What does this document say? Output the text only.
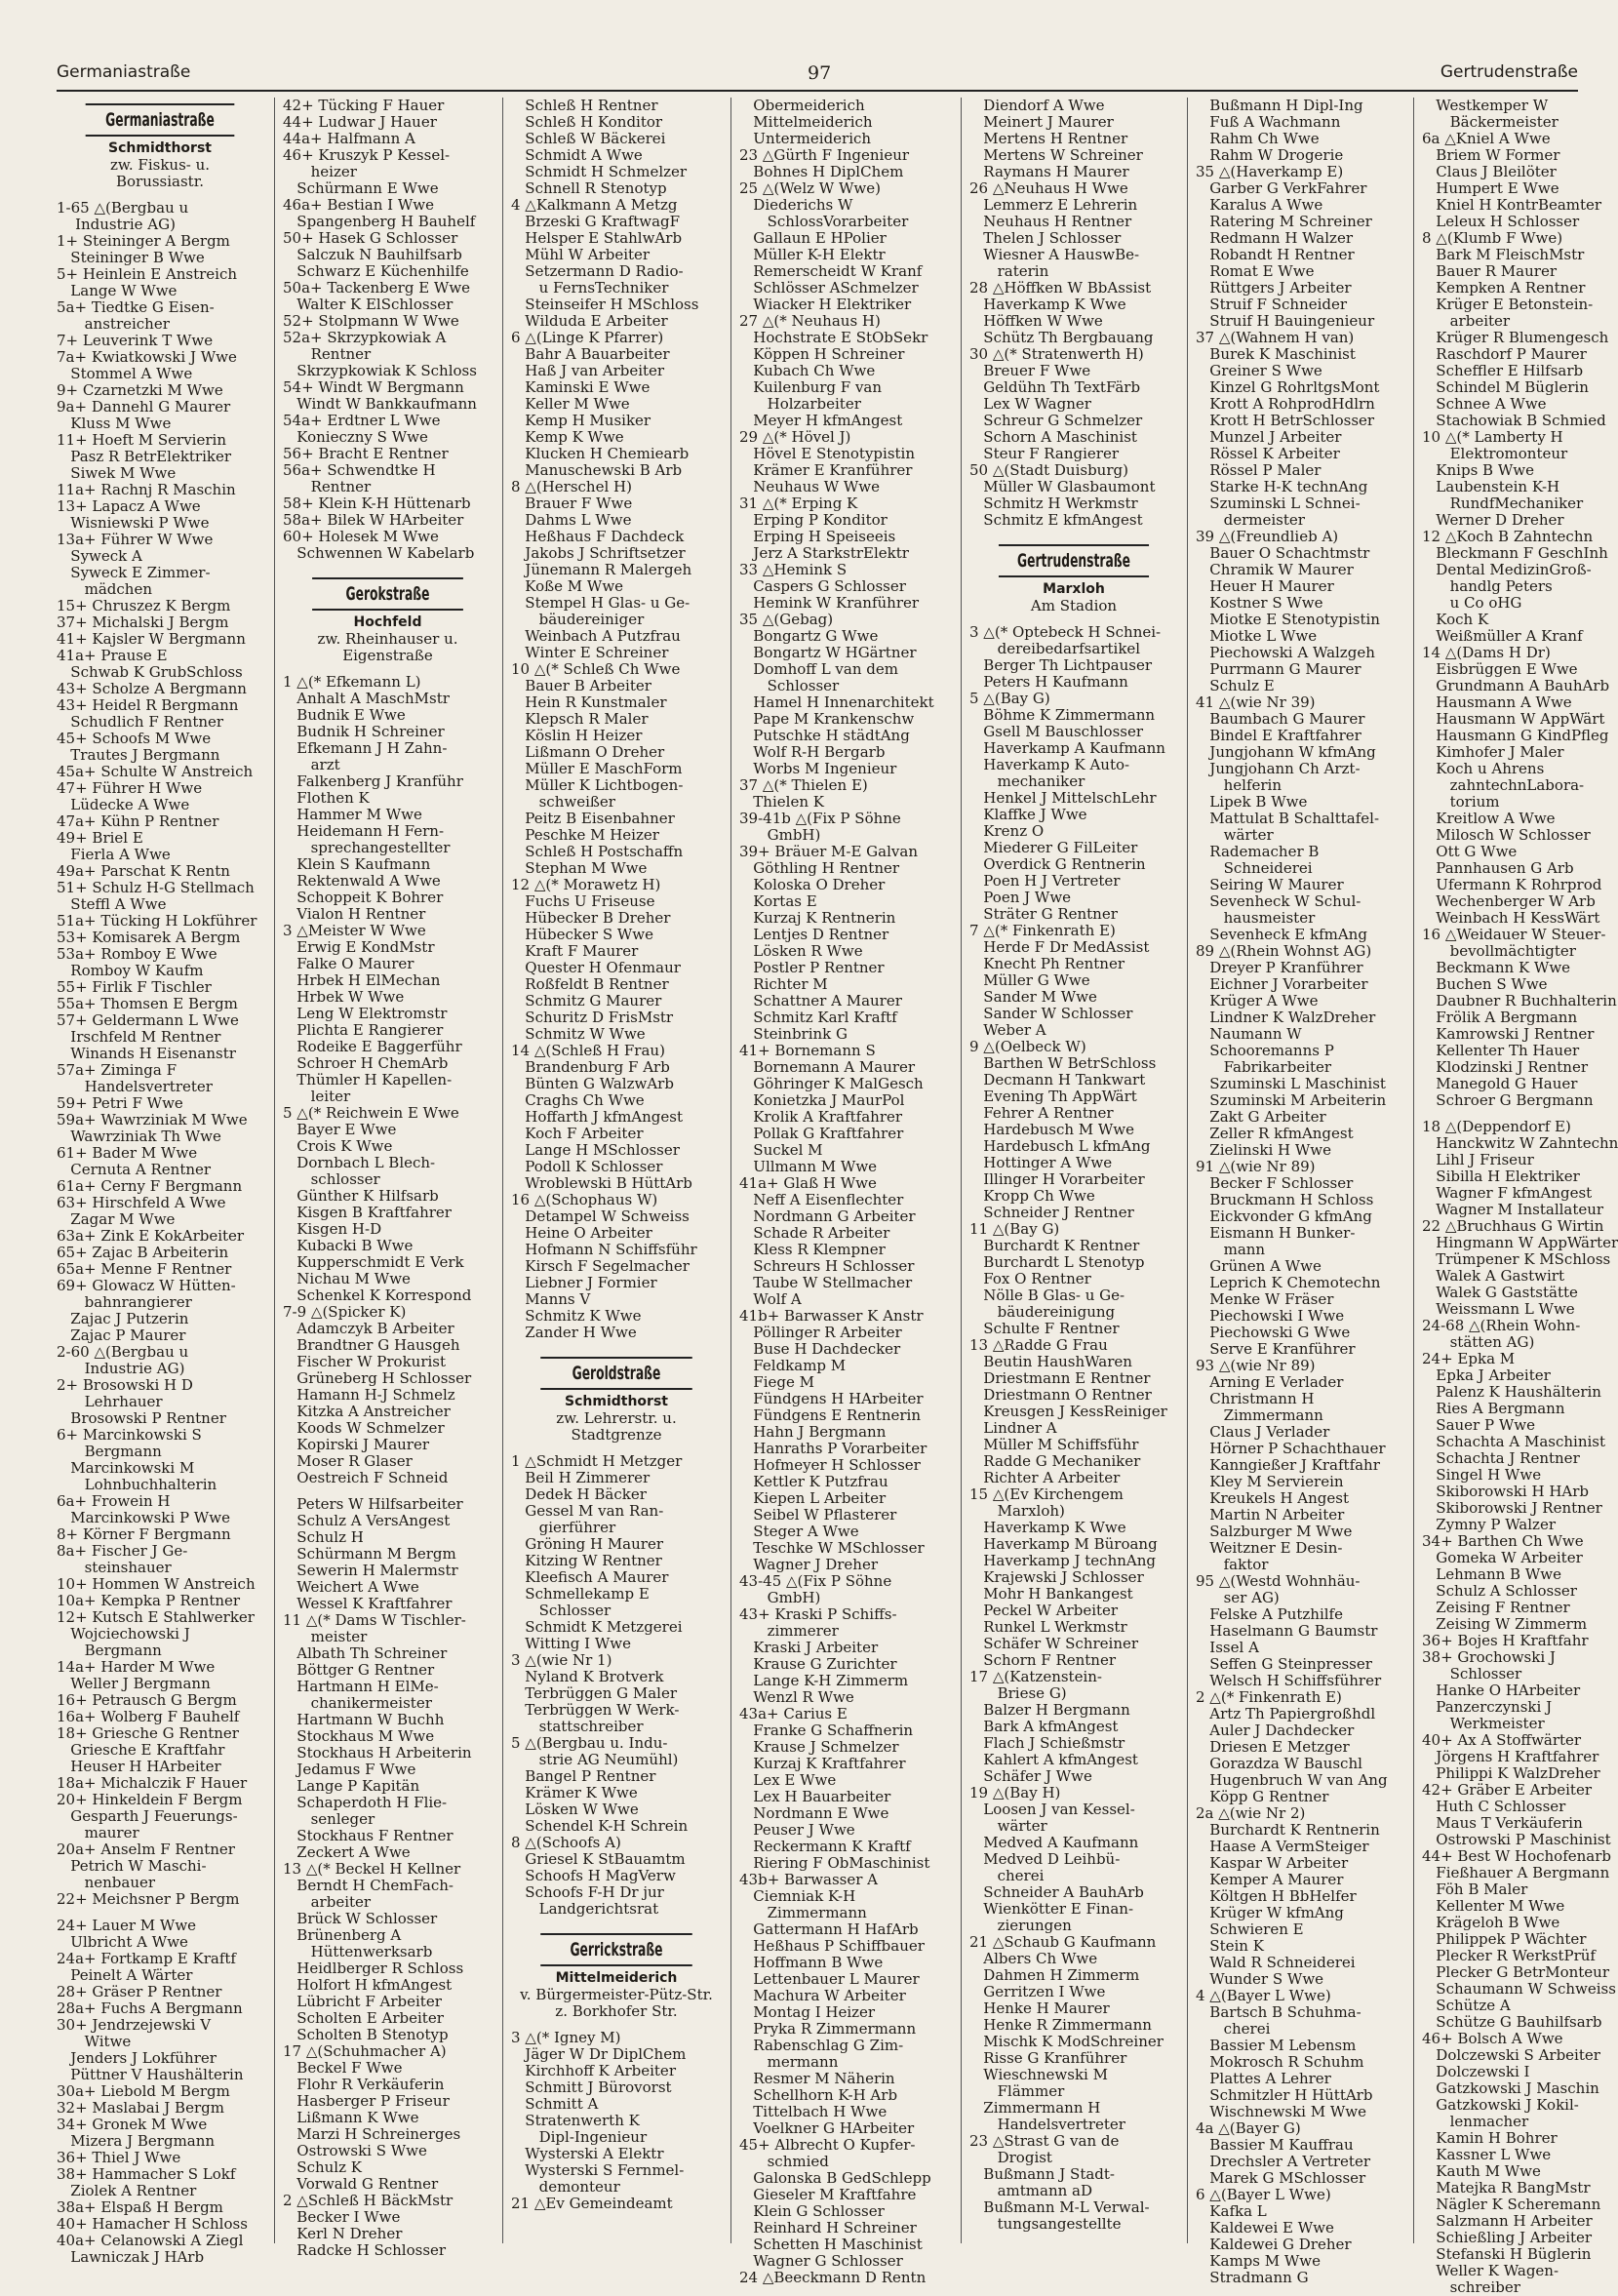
Germaniastraße	97	Gertrudenstraße
Germaniastraße
Schmidthorst
zw. Fiskus- u.
Borussiastr.
1-65 △(Bergbau u
Industrie AG)
1+ Steininger A Bergm
Steininger B Wwe
5+ Heinlein E Anstreich
Lange W Wwe
5a+ Tiedtke G Eisen-
anstreicher
7+ Leuverink T Wwe
7a+ Kwiatkowski J Wwe
Stommel A Wwe
9+ Czarnetzki M Wwe
9a+ Dannehl G Maurer
Kluss M Wwe
11+ Hoeft M Servierin
Pasz R BetrElektriker
Siwek M Wwe
11a+ Rachnj R Maschin
13+ Lapacz A Wwe
Wisniewski P Wwe
13a+ Führer W Wwe
Syweck A
Syweck E Zimmer-
mädchen
15+ Chruszez K Bergm
37+ Michalski J Bergm
41+ Kajsler W Bergmann
41a+ Prause E
Schwab K GrubSchloss
43+ Scholze A Bergmann
43+ Heidel R Bergmann
Schudlich F Rentner
45+ Schoofs M Wwe
Trautes J Bergmann
45a+ Schulte W Anstreich
47+ Führer H Wwe
Lüdecke A Wwe
47a+ Kühn P Rentner
49+ Briel E
Fierla A Wwe
49a+ Parschat K Rentn
51+ Schulz H-G Stellmach
Steffl A Wwe
51a+ Tücking H Lokführer
53+ Komisarek A Bergm
53a+ Romboy E Wwe
Romboy W Kaufm
55+ Firlik F Tischler
55a+ Thomsen E Bergm
57+ Geldermann L Wwe
Irschfeld M Rentner
Winands H Eisenanstr
57a+ Ziminga F
Handelsvertreter
59+ Petri F Wwe
59a+ Wawrziniak M Wwe
Wawrziniak Th Wwe
61+ Bader M Wwe
Cernuta A Rentner
61a+ Cerny F Bergmann
63+ Hirschfeld A Wwe
Zagar M Wwe
63a+ Zink E KokArbeiter
65+ Zajac B Arbeiterin
65a+ Menne F Rentner
69+ Glowacz W Hütten-
bahnrangierer
Zajac J Putzerin
Zajac P Maurer
2-60 △(Bergbau u
Industrie AG)
2+ Brosowski H D
Lehrhauer
Brosowski P Rentner
6+ Marcinkowski S
Bergmann
Marcinkowski M
Lohnbuchhalterin
6a+ Frowein H
Marcinkowski P Wwe
8+ Körner F Bergmann
8a+ Fischer J Ge-
steinshauer
10+ Hommen W Anstreich
10a+ Kempka P Rentner
12+ Kutsch E Stahlwerker
Wojciechowski J
Bergmann
14a+ Harder M Wwe
Weller J Bergmann
16+ Petrausch G Bergm
16a+ Wolberg F Bauhelf
18+ Griesche G Rentner
Griesche E Kraftfahr
Heuser H HArbeiter
18a+ Michalczik F Hauer
20+ Hinkeldein F Bergm
Gesparth J Feuerungs-
maurer
20a+ Anselm F Rentner
Petrich W Maschi-
nenbauer
22+ Meichsner P Bergm
24+ Lauer M Wwe
Ulbricht A Wwe
24a+ Fortkamp E Kraftf
Peinelt A Wärter
28+ Gräser P Rentner
28a+ Fuchs A Bergmann
30+ Jendrzejewski V
Witwe
Jenders J Lokführer
Püttner V Haushälterin
30a+ Liebold M Bergm
32+ Maslabai J Bergm
34+ Gronek M Wwe
Mizera J Bergmann
36+ Thiel J Wwe
38+ Hammacher S Lokf
Ziolek A Rentner
38a+ Elspaß H Bergm
40+ Hamacher H Schloss
40a+ Celanowski A Ziegl
Lawniczak J HArb
42+ Tücking F Hauer
44+ Ludwar J Hauer
44a+ Halfmann A
46+ Kruszyk P Kessel-
heizer
Schürmann E Wwe
46a+ Bestian I Wwe
Spangenberg H Bauhelf
50+ Hasek G Schlosser
Salczuk N Bauhilfsarb
Schwarz E Küchenhilfe
50a+ Tackenberg E Wwe
Walter K ElSchlosser
52+ Stolpmann W Wwe
52a+ Skrzypkowiak A
Rentner
Skrzypkowiak K Schloss
54+ Windt W Bergmann
Windt W Bankkaufmann
54a+ Erdtner L Wwe
Konieczny S Wwe
56+ Bracht E Rentner
56a+ Schwendtke H
Rentner
58+ Klein K-H Hüttenarb
58a+ Bilek W HArbeiter
60+ Holesek M Wwe
Schwennen W Kabelarb
Gerokstraße
Hochfeld
zw. Rheinhauser u.
Eigenstraße
1 △(* Efkemann L)
Anhalt A MaschMstr
Budnik E Wwe
Budnik H Schreiner
Efkemann J H Zahn-
arzt
Falkenberg J Kranführ
Flothen K
Hammer M Wwe
Heidemann H Fern-
sprechangestellter
Klein S Kaufmann
Rektenwald A Wwe
Schoppeit K Bohrer
Vialon H Rentner
3 △Meister W Wwe
Erwig E KondMstr
Falke O Maurer
Hrbek H ElMechan
Hrbek W Wwe
Leng W Elektromstr
Plichta E Rangierer
Rodeike E Baggerführ
Schroer H ChemArb
Thümler H Kapellen-
leiter
5 △(* Reichwein E Wwe
Bayer E Wwe
Crois K Wwe
Dornbach L Blech-
schlosser
Günther K Hilfsarb
Kisgen B Kraftfahrer
Kisgen H-D
Kubacki B Wwe
Kupperschmidt E Verk
Nichau M Wwe
Schenkel K Korrespond
7-9 △(Spicker K)
Adamczyk B Arbeiter
Brandtner G Hausgeh
Fischer W Prokurist
Grüneberg H Schlosser
Hamann H-J Schmelz
Kitzka A Anstreicher
Koods W Schmelzer
Kopirski J Maurer
Moser R Glaser
Oestreich F Schneid
Peters W Hilfsarbeiter
Schulz A VersAngest
Schulz H
Schürmann M Bergm
Sewerin H Malermstr
Weichert A Wwe
Wessel K Kraftfahrer
11 △(* Dams W Tischler-
meister
Albath Th Schreiner
Böttger G Rentner
Hartmann H ElMe-
chanikermeister
Hartmann W Buchh
Stockhaus M Wwe
Stockhaus H Arbeiterin
Jedamus F Wwe
Lange P Kapitän
Schaperdoth H Flie-
senleger
Stockhaus F Rentner
Zeckert A Wwe
13 △(* Beckel H Kellner
Berndt H ChemFach-
arbeiter
Brück W Schlosser
Brünenberg A
Hüttenwerksarb
Heidlberger R Schloss
Holfort H kfmAngest
Lübricht F Arbeiter
Scholten E Arbeiter
Scholten B Stenotyp
17 △(Schuhmacher A)
Beckel F Wwe
Flohr R Verkäuferin
Hasberger P Friseur
Lißmann K Wwe
Marzi H Schreinerges
Ostrowski S Wwe
Schulz K
Vorwald G Rentner
2 △Schleß H BäckMstr
Becker I Wwe
Kerl N Dreher
Radcke H Schlosser
Schleß H Rentner
Schleß H Konditor
Schleß W Bäckerei
Schmidt A Wwe
Schmidt H Schmelzer
Schnell R Stenotyp
4 △Kalkmann A Metzg
Brzeski G KraftwagF
Helsper E StahlwArb
Mühl W Arbeiter
Setzermann D Radio-
u FernsTechniker
Steinseifer H MSchloss
Wilduda E Arbeiter
6 △(Linge K Pfarrer)
Bahr A Bauarbeiter
Haß J van Arbeiter
Kaminski E Wwe
Keller M Wwe
Kemp H Musiker
Kemp K Wwe
Klucken H Chemiearb
Manuschewski B Arb
8 △(Herschel H)
Brauer F Wwe
Dahms L Wwe
Heßhaus F Dachdeck
Jakobs J Schriftsetzer
Jünemann R Malergeh
Koße M Wwe
Stempel H Glas- u Ge-
bäudereiniger
Weinbach A Putzfrau
Winter E Schreiner
10 △(* Schleß Ch Wwe
Bauer B Arbeiter
Hein R Kunstmaler
Klepsch R Maler
Köslin H Heizer
Lißmann O Dreher
Müller E MaschForm
Müller K Lichtbogen-
schweißer
Peitz B Eisenbahner
Peschke M Heizer
Schleß H Postschaffn
Stephan M Wwe
12 △(* Morawetz H)
Fuchs U Friseuse
Hübecker B Dreher
Hübecker S Wwe
Kraft F Maurer
Quester H Ofenmaur
Roßfeldt B Rentner
Schmitz G Maurer
Schuritz D FrisMstr
Schmitz W Wwe
14 △(Schleß H Frau)
Brandenburg F Arb
Bünten G WalzwArb
Craghs Ch Wwe
Hoffarth J kfmAngest
Koch F Arbeiter
Lange H MSchlosser
Podoll K Schlosser
Wroblewski B HüttArb
16 △(Schophaus W)
Detampel W Schweiss
Heine O Arbeiter
Hofmann N Schiffsführ
Kirsch F Segelmacher
Liebner J Formier
Manns V
Schmitz K Wwe
Zander H Wwe
Geroldstraße
Schmidthorst
zw. Lehrerstr. u.
Stadtgrenze
1 △Schmidt H Metzger
Beil H Zimmerer
Dedek H Bäcker
Gessel M van Ran-
gierführer
Gröning H Maurer
Kitzing W Rentner
Kleefisch A Maurer
Schmellekamp E
Schlosser
Schmidt K Metzgerei
Witting I Wwe
3 △(wie Nr 1)
Nyland K Brotverk
Terbrüggen G Maler
Terbrüggen W Werk-
stattschreiber
5 △(Bergbau u. Indu-
strie AG Neumühl)
Bangel P Rentner
Krämer K Wwe
Lösken W Wwe
Schendel K-H Schrein
8 △(Schoofs A)
Griesel K StBauamtm
Schoofs H MagVerw
Schoofs F-H Dr jur
Landgerichtsrat
Gerrickstraße
Mittelmeiderich
v. Bürgermeister-Pütz-Str.
z. Borkhofer Str.
3 △(* Igney M)
Jäger W Dr DiplChem
Kirchhoff K Arbeiter
Schmitt J Bürovorst
Schmitt A
Stratenwerth K
Dipl-Ingenieur
Wysterski A Elektr
Wysterski S Fernmel-
demonteur
21 △Ev Gemeindeamt
Obermeiderich
Mittelmeiderich
Untermeiderich
23 △Gürth F Ingenieur
Bohnes H DiplChem
25 △(Welz W Wwe)
Diederichs W
SchlossVorarbeiter
Gallaun E HPolier
Müller K-H Elektr
Remerscheidt W Kranf
Schlösser ASchmelzer
Wiacker H Elektriker
27 △(* Neuhaus H)
Hochstrate E StObSekr
Köppen H Schreiner
Kubach Ch Wwe
Kuilenburg F van
Holzarbeiter
Meyer H kfmAngest
29 △(* Hövel J)
Hövel E Stenotypistin
Krämer E Kranführer
Neuhaus W Wwe
31 △(* Erping K
Erping P Konditor
Erping H Speiseeis
Jerz A StarkstrElektr
33 △Hemink S
Caspers G Schlosser
Hemink W Kranführer
35 △(Gebag)
Bongartz G Wwe
Bongartz W HGärtner
Domhoff L van dem
Schlosser
Hamel H Innenarchitekt
Pape M Krankenschw
Putschke H städtAng
Wolf R-H Bergarb
Worbs M Ingenieur
37 △(* Thielen E)
Thielen K
39-41b △(Fix P Söhne
GmbH)
39+ Bräuer M-E Galvan
Göthling H Rentner
Koloska O Dreher
Kortas E
Kurzaj K Rentnerin
Lentjes D Rentner
Lösken R Wwe
Postler P Rentner
Richter M
Schattner A Maurer
Schmitz Karl Kraftf
Steinbrink G
41+ Bornemann S
Bornemann A Maurer
Göhringer K MalGesch
Konietzka J MaurPol
Krolik A Kraftfahrer
Pollak G Kraftfahrer
Suckel M
Ullmann M Wwe
41a+ Glaß H Wwe
Neff A Eisenflechter
Nordmann G Arbeiter
Schade R Arbeiter
Kless R Klempner
Schreurs H Schlosser
Taube W Stellmacher
Wolf A
41b+ Barwasser K Anstr
Pöllinger R Arbeiter
Buse H Dachdecker
Feldkamp M
Fiege M
Fündgens H HArbeiter
Fündgens E Rentnerin
Hahn J Bergmann
Hanraths P Vorarbeiter
Hofmeyer H Schlosser
Kettler K Putzfrau
Kiepen L Arbeiter
Seibel W Pflasterer
Steger A Wwe
Teschke W MSchlosser
Wagner J Dreher
43-45 △(Fix P Söhne
GmbH)
43+ Kraski P Schiffs-
zimmerer
Kraski J Arbeiter
Krause G Zurichter
Lange K-H Zimmerm
Wenzl R Wwe
43a+ Carius E
Franke G Schaffnerin
Krause J Schmelzer
Kurzaj K Kraftfahrer
Lex E Wwe
Lex H Bauarbeiter
Nordmann E Wwe
Peuser J Wwe
Reckermann K Kraftf
Riering F ObMaschinist
43b+ Barwasser A
Ciemniak K-H
Zimmermann
Gattermann H HafArb
Heßhaus P Schiffbauer
Hoffmann B Wwe
Lettenbauer L Maurer
Machura W Arbeiter
Montag I Heizer
Pryka R Zimmermann
Rabenschlag G Zim-
mermann
Resmer M Näherin
Schellhorn K-H Arb
Tittelbach H Wwe
Voelkner G HArbeiter
45+ Albrecht O Kupfer-
schmied
Galonska B GedSchlepp
Gieseler M Kraftfahre
Klein G Schlosser
Reinhard H Schreiner
Schetten H Maschinist
Wagner G Schlosser
24 △Beeckmann D Rentn
Diendorf A Wwe
Meinert J Maurer
Mertens H Rentner
Mertens W Schreiner
Raymans H Maurer
26 △Neuhaus H Wwe
Lemmerz E Lehrerin
Neuhaus H Rentner
Thelen J Schlosser
Wiesner A HauswBe-
raterin
28 △Höffken W BbAssist
Haverkamp K Wwe
Höffken W Wwe
Schütz Th Bergbauang
30 △(* Stratenwerth H)
Breuer F Wwe
Geldühn Th TextFärb
Lex W Wagner
Schreur G Schmelzer
Schorn A Maschinist
Steur F Rangierer
50 △(Stadt Duisburg)
Müller W Glasbaumont
Schmitz H Werkmstr
Schmitz E kfmAngest
Gertrudenstraße
Marxloh
Am Stadion
3 △(* Optebeck H Schnei-
dereibedarfsartikel
Berger Th Lichtpauser
Peters H Kaufmann
5 △(Bay G)
Böhme K Zimmermann
Gsell M Bauschlosser
Haverkamp A Kaufmann
Haverkamp K Auto-
mechaniker
Henkel J MittelschLehr
Klaffke J Wwe
Krenz O
Miederer G FilLeiter
Overdick G Rentnerin
Poen H J Vertreter
Poen J Wwe
Sträter G Rentner
7 △(* Finkenrath E)
Herde F Dr MedAssist
Knecht Ph Rentner
Müller G Wwe
Sander M Wwe
Sander W Schlosser
Weber A
9 △(Oelbeck W)
Barthen W BetrSchloss
Decmann H Tankwart
Evening Th AppWärt
Fehrer A Rentner
Hardebusch M Wwe
Hardebusch L kfmAng
Hottinger A Wwe
Illinger H Vorarbeiter
Kropp Ch Wwe
Schneider J Rentner
11 △(Bay G)
Burchardt K Rentner
Burchardt L Stenotyp
Fox O Rentner
Nölle B Glas- u Ge-
bäudereinigung
Schulte F Rentner
13 △Radde G Frau
Beutin HaushWaren
Driestmann E Rentner
Driestmann O Rentner
Kreusgen J KessReiniger
Lindner A
Müller M Schiffsführ
Radde G Mechaniker
Richter A Arbeiter
15 △(Ev Kirchengem
Marxloh)
Haverkamp K Wwe
Haverkamp M Büroang
Haverkamp J technAng
Krajewski J Schlosser
Mohr H Bankangest
Peckel W Arbeiter
Runkel L Werkmstr
Schäfer W Schreiner
Schorn F Rentner
17 △(Katzenstein-
Briese G)
Balzer H Bergmann
Bark A kfmAngest
Flach J Schießmstr
Kahlert A kfmAngest
Schäfer J Wwe
19 △(Bay H)
Loosen J van Kessel-
wärter
Medved A Kaufmann
Medved D Leihbü-
cherei
Schneider A BauhArb
Wienkötter E Finan-
zierungen
21 △Schaub G Kaufmann
Albers Ch Wwe
Dahmen H Zimmerm
Gerritzen I Wwe
Henke H Maurer
Henke R Zimmermann
Mischk K ModSchreiner
Risse G Kranführer
Wieschnewski M
Flämmer
Zimmermann H
Handelsvertreter
23 △Strast G van de
Drogist
Bußmann J Stadt-
amtmann aD
Bußmann M-L Verwal-
tungsangestellte
Bußmann H Dipl-Ing
Fuß A Wachmann
Rahm Ch Wwe
Rahm W Drogerie
35 △(Haverkamp E)
Garber G VerkFahrer
Karalus A Wwe
Ratering M Schreiner
Redmann H Walzer
Robandt H Rentner
Romat E Wwe
Rüttgers J Arbeiter
Struif F Schneider
Struif H Bauingenieur
37 △(Wahnem H van)
Burek K Maschinist
Greiner S Wwe
Kinzel G RohrltgsMont
Krott A RohprodHdlrn
Krott H BetrSchlosser
Munzel J Arbeiter
Rössel K Arbeiter
Rössel P Maler
Starke H-K technAng
Szuminski L Schnei-
dermeister
39 △(Freundlieb A)
Bauer O Schachtmstr
Chramik W Maurer
Heuer H Maurer
Kostner S Wwe
Miotke E Stenotypistin
Miotke L Wwe
Piechowski A Walzgeh
Purrmann G Maurer
Schulz E
41 △(wie Nr 39)
Baumbach G Maurer
Bindel E Kraftfahrer
Jungjohann W kfmAng
Jungjohann Ch Arzt-
helferin
Lipek B Wwe
Mattulat B Schalttafel-
wärter
Rademacher B
Schneiderei
Seiring W Maurer
Sevenheck W Schul-
hausmeister
Sevenheck E kfmAng
89 △(Rhein Wohnst AG)
Dreyer P Kranführer
Eichner J Vorarbeiter
Krüger A Wwe
Lindner K WalzDreher
Naumann W
Schooremanns P
Fabrikarbeiter
Szuminski L Maschinist
Szuminski M Arbeiterin
Zakt G Arbeiter
Zeller R kfmAngest
Zielinski H Wwe
91 △(wie Nr 89)
Becker F Schlosser
Bruckmann H Schloss
Eickvonder G kfmAng
Eismann H Bunker-
mann
Grünen A Wwe
Leprich K Chemotechn
Menke W Fräser
Piechowski I Wwe
Piechowski G Wwe
Serve E Kranführer
93 △(wie Nr 89)
Arning E Verlader
Christmann H
Zimmermann
Claus J Verlader
Hörner P Schachthauer
Kanngießer J Kraftfahr
Kley M Servierein
Kreukels H Angest
Martin N Arbeiter
Salzburger M Wwe
Weitzner E Desin-
faktor
95 △(Westd Wohnhäu-
ser AG)
Felske A Putzhilfe
Haselmann G Baumstr
Issel A
Seffen G Steinpresser
Welsch H Schiffsführer
2 △(* Finkenrath E)
Artz Th Papiergroßhdl
Auler J Dachdecker
Driesen E Metzger
Gorazdza W Bauschl
Hugenbruch W van Ang
Köpp G Rentner
2a △(wie Nr 2)
Burchardt K Rentnerin
Haase A VermSteiger
Kaspar W Arbeiter
Kemper A Maurer
Költgen H BbHelfer
Krüger W kfmAng
Schwieren E
Stein K
Wald R Schneiderei
Wunder S Wwe
4 △(Bayer L Wwe)
Bartsch B Schuhma-
cherei
Bassier M Lebensm
Mokrosch R Schuhm
Plattes A Lehrer
Schmitzler H HüttArb
Wischnewski M Wwe
4a △(Bayer G)
Bassier M Kauffrau
Drechsler A Vertreter
Marek G MSchlosser
6 △(Bayer L Wwe)
Kafka L
Kaldewei E Wwe
Kaldewei G Dreher
Kamps M Wwe
Stradmann G
Westkemper W
Bäckermeister
6a △Kniel A Wwe
Briem W Former
Claus J Bleilöter
Humpert E Wwe
Kniel H KontrBeamter
Leleux H Schlosser
8 △(Klumb F Wwe)
Bark M FleischMstr
Bauer R Maurer
Kempken A Rentner
Krüger E Betonstein-
arbeiter
Krüger R Blumengesch
Raschdorf P Maurer
Scheffler E Hilfsarb
Schindel M Büglerin
Schnee A Wwe
Stachowiak B Schmied
10 △(* Lamberty H
Elektromonteur
Knips B Wwe
Laubenstein K-H
RundfMechaniker
Werner D Dreher
12 △Koch B Zahntechn
Bleckmann F GeschInh
Dental MedizinGroß-
handlg Peters
u Co oHG
Koch K
Weißmüller A Kranf
14 △(Dams H Dr)
Eisbrüggen E Wwe
Grundmann A BauhArb
Hausmann A Wwe
Hausmann W AppWärt
Hausmann G KindPfleg
Kimhofer J Maler
Koch u Ahrens
zahntechnLabora-
torium
Kreitlow A Wwe
Milosch W Schlosser
Ott G Wwe
Pannhausen G Arb
Ufermann K Rohrprod
Wechenberger W Arb
Weinbach H KessWärt
16 △Weidauer W Steuer-
bevollmächtigter
Beckmann K Wwe
Buchen S Wwe
Daubner R Buchhalterin
Frölik A Bergmann
Kamrowski J Rentner
Kellenter Th Hauer
Klodzinski J Rentner
Manegold G Hauer
Schroer G Bergmann
18 △(Deppendorf E)
Hanckwitz W Zahntechn
Lihl J Friseur
Sibilla H Elektriker
Wagner F kfmAngest
Wagner M Installateur
22 △Bruchhaus G Wirtin
Hingmann W AppWärter
Trümpener K MSchloss
Walek A Gastwirt
Walek G Gaststätte
Weissmann L Wwe
24-68 △(Rhein Wohn-
stätten AG)
24+ Epka M
Epka J Arbeiter
Palenz K Haushälterin
Ries A Bergmann
Sauer P Wwe
Schachta A Maschinist
Schachta J Rentner
Singel H Wwe
Skiborowski H HArb
Skiborowski J Rentner
Zymny P Walzer
34+ Barthen Ch Wwe
Gomeka W Arbeiter
Lehmann B Wwe
Schulz A Schlosser
Zeising F Rentner
Zeising W Zimmerm
36+ Bojes H Kraftfahr
38+ Grochowski J
Schlosser
Hanke O HArbeiter
Panzerczynski J
Werkmeister
40+ Ax A Stoffwärter
Jörgens H Kraftfahrer
Philippi K WalzDreher
42+ Gräber E Arbeiter
Huth C Schlosser
Maus T Verkäuferin
Ostrowski P Maschinist
44+ Best W Hochofenarb
Fießhauer A Bergmann
Föh B Maler
Kellenter M Wwe
Krägeloh B Wwe
Philippek P Wächter
Plecker R WerkstPrüf
Plecker G BetrMonteur
Schaumann W Schweiss
Schütze A
Schütze G Bauhilfsarb
46+ Bolsch A Wwe
Dolczewski S Arbeiter
Dolczewski I
Gatzkowski J Maschin
Gatzkowski J Kokil-
lenmacher
Kamin H Bohrer
Kassner L Wwe
Kauth M Wwe
Matejka R BangMstr
Nägler K Scheremann
Salzmann H Arbeiter
Schießling J Arbeiter
Stefanski H Büglerin
Weller K Wagen-
schreiber
